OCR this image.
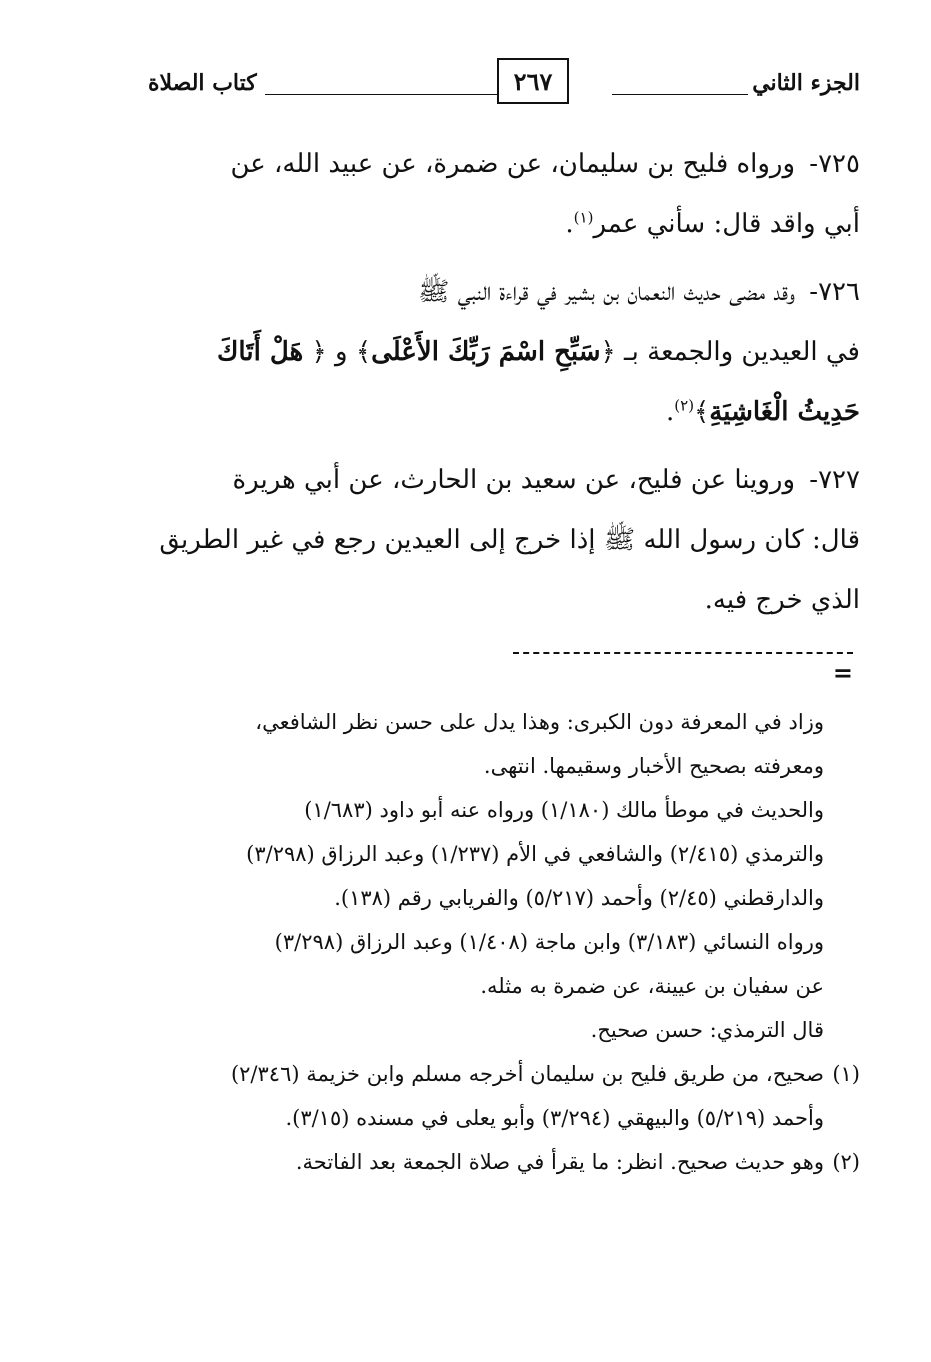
الجزء الثاني
٢٦٧
كتاب الصلاة

٧٢٥- ورواه فليح بن سليمان، عن ضمرة، عن عبيد الله، عن
أبي واقد قال: سأني عمر$^{(١)}$.

٧٢٦- وقد مضى حديث النعمان بن بشير في قراءة النبي ﷺ
في العيدين والجمعة بـ ﴿سَبِّحِ اسْمَ رَبِّكَ الأَعْلَى﴾ و ﴿ هَلْ أَتَاكَ
حَدِيثُ الْغَاشِيَةِ﴾$^{(٢)}$.

٧٢٧- وروينا عن فليح، عن سعيد بن الحارث، عن أبي هريرة
قال: كان رسول الله ﷺ إذا خرج إلى العيدين رجع في غير الطريق
الذي خرج فيه.

=

وزاد في المعرفة دون الكبرى: وهذا يدل على حسن نظر الشافعي،

ومعرفته بصحيح الأخبار وسقيمها. انتهى.

والحديث في موطأ مالك (١/١٨٠) ورواه عنه أبو داود (١/٦٨٣)

والترمذي (٢/٤١٥) والشافعي في الأم (١/٢٣٧) وعبد الرزاق (٣/٢٩٨)

والدارقطني (٢/٤٥) وأحمد (٥/٢١٧) والفريابي رقم (١٣٨).

ورواه النسائي (٣/١٨٣) وابن ماجة (١/٤٠٨) وعبد الرزاق (٣/٢٩٨)

عن سفيان بن عيينة، عن ضمرة به مثله.

قال الترمذي: حسن صحيح.

(١)صحيح، من طريق فليح بن سليمان أخرجه مسلم وابن خزيمة (٢/٣٤٦)

وأحمد (٥/٢١٩) والبيهقي (٣/٢٩٤) وأبو يعلى في مسنده (٣/١٥).

(٢)وهو حديث صحيح. انظر: ما يقرأ في صلاة الجمعة بعد الفاتحة.
